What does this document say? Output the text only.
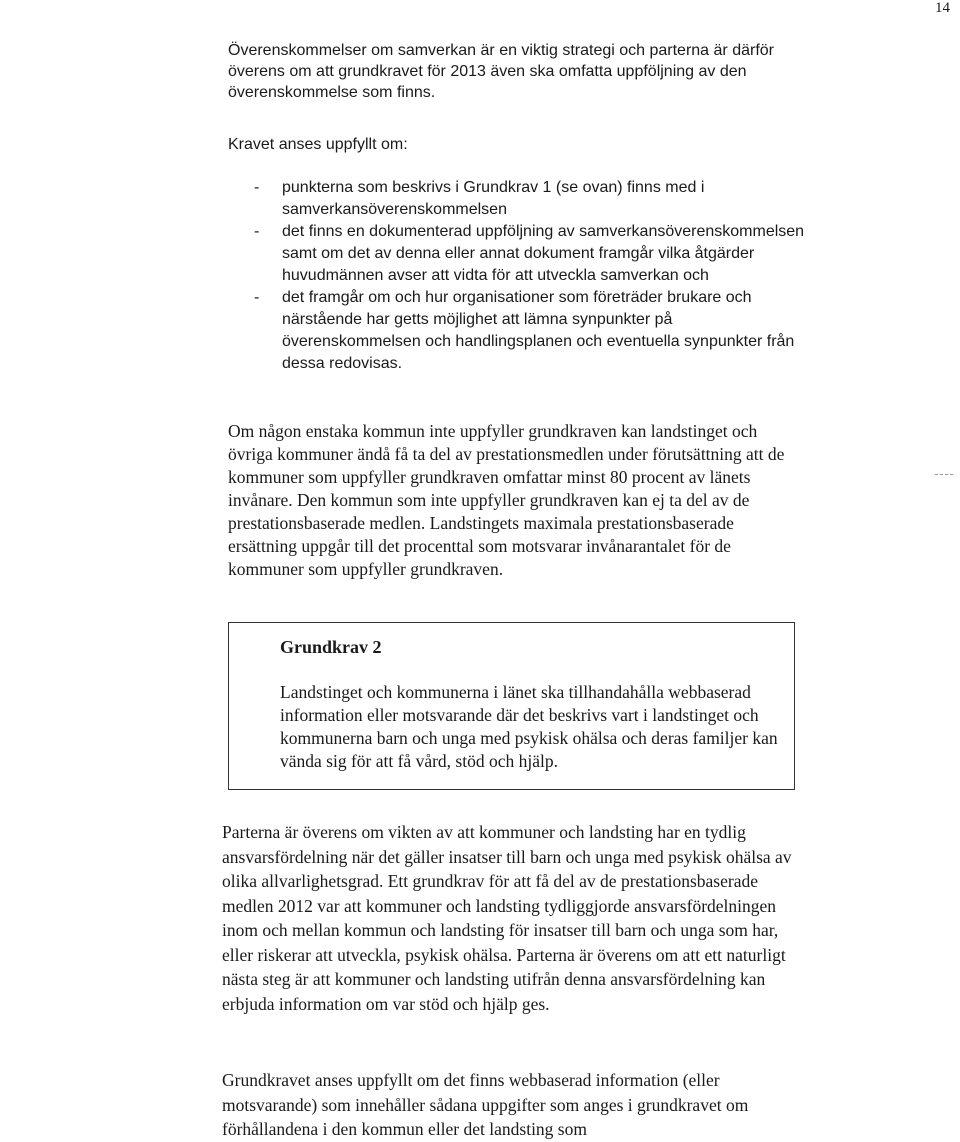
14

Överenskommelser om samverkan är en viktig strategi och parterna är därför överens om att grundkravet för 2013 även ska omfatta uppföljning av den överenskommelse som finns.

Kravet anses uppfyllt om:

- punkterna som beskrivs i Grundkrav 1 (se ovan) finns med i samverkansöverenskommelsen
- det finns en dokumenterad uppföljning av samverkansöverenskommelsen samt om det av denna eller annat dokument framgår vilka åtgärder huvudmännen avser att vidta för att utveckla samverkan och
- det framgår om och hur organisationer som företräder brukare och närstående har getts möjlighet att lämna synpunkter på överenskommelsen och handlingsplanen och eventuella synpunkter från dessa redovisas.

Om någon enstaka kommun inte uppfyller grundkraven kan landstinget och övriga kommuner ändå få ta del av prestationsmedlen under förutsättning att de kommuner som uppfyller grundkraven omfattar minst 80 procent av länets invånare. Den kommun som inte uppfyller grundkraven kan ej ta del av de prestationsbaserade medlen. Landstingets maximala prestationsbaserade ersättning uppgår till det procenttal som motsvarar invånarantalet för de kommuner som uppfyller grundkraven.

Grundkrav 2

Landstinget och kommunerna i länet ska tillhandahålla webbaserad information eller motsvarande där det beskrivs vart i landstinget och kommunerna barn och unga med psykisk ohälsa och deras familjer kan vända sig för att få vård, stöd och hjälp.

Parterna är överens om vikten av att kommuner och landsting har en tydlig ansvarsfördelning när det gäller insatser till barn och unga med psykisk ohälsa av olika allvarlighetsgrad. Ett grundkrav för att få del av de prestationsbaserade medlen 2012 var att kommuner och landsting tydliggjorde ansvarsfördelningen inom och mellan kommun och landsting för insatser till barn och unga som har, eller riskerar att utveckla, psykisk ohälsa. Parterna är överens om att ett naturligt nästa steg är att kommuner och landsting utifrån denna ansvarsfördelning kan erbjuda information om var stöd och hjälp ges.

Grundkravet anses uppfyllt om det finns webbaserad information (eller motsvarande) som innehåller sådana uppgifter som anges i grundkravet om förhållandena i den kommun eller det landsting som
